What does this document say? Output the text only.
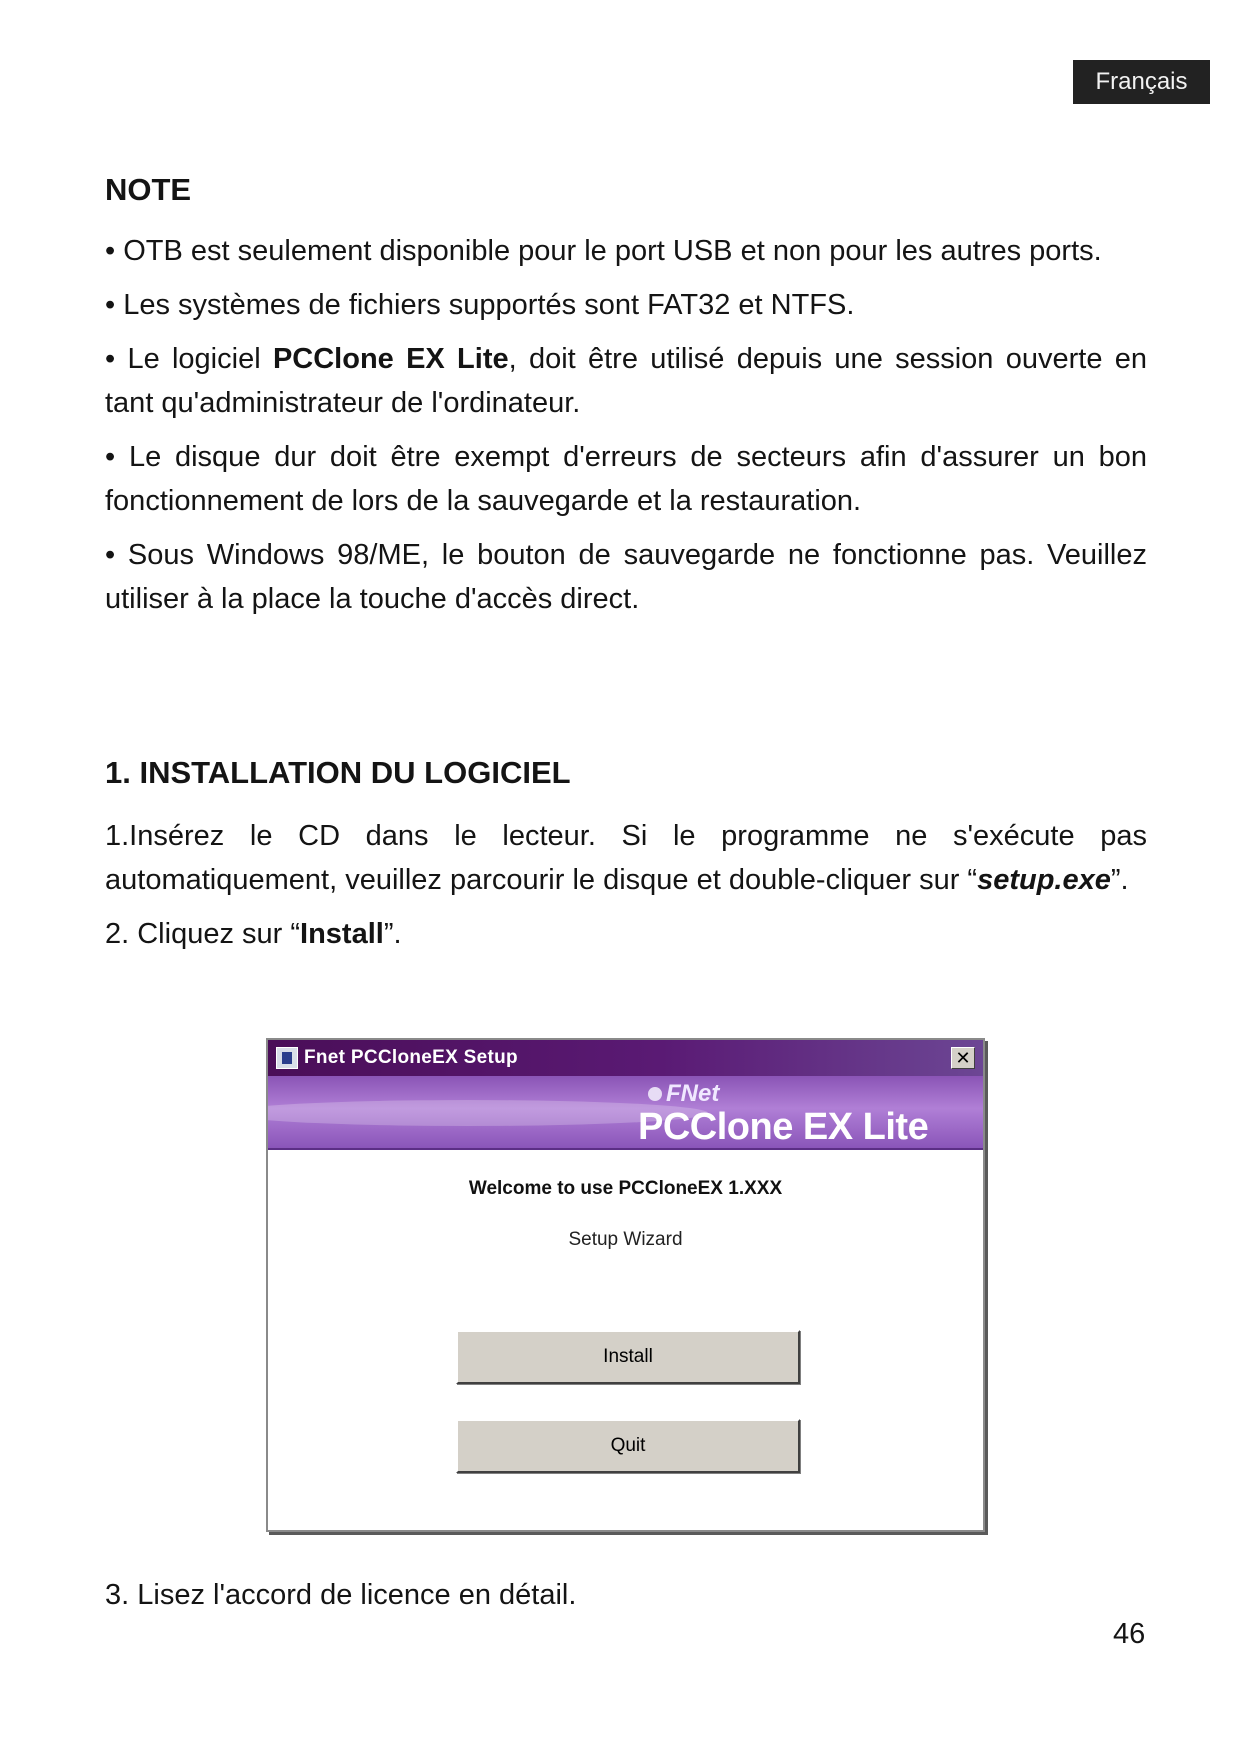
Français
NOTE

• OTB est seulement disponible pour le port USB et non pour les autres ports.

• Les systèmes de fichiers supportés sont FAT32 et NTFS.

• Le logiciel PCClone EX Lite, doit être utilisé depuis une session ouverte en tant qu'administrateur de l'ordinateur.

• Le disque dur doit être exempt d'erreurs de secteurs afin d'assurer un bon fonctionnement de lors de la sauvegarde et la restauration.

• Sous Windows 98/ME, le bouton de sauvegarde ne fonctionne pas. Veuillez utiliser à la place la touche d'accès direct.

1. INSTALLATION DU LOGICIEL

1.Insérez le CD dans le lecteur. Si le programme ne s'exécute pas automatiquement, veuillez parcourir le disque et double-cliquer sur “setup.exe”.

2. Cliquez sur “Install”.

Fnet PCCloneEX Setup	✕
FNet
PCClone EX Lite
Welcome to use PCCloneEX 1.XXX
Setup Wizard
Install
Quit

3. Lisez l'accord de licence en détail.

46
